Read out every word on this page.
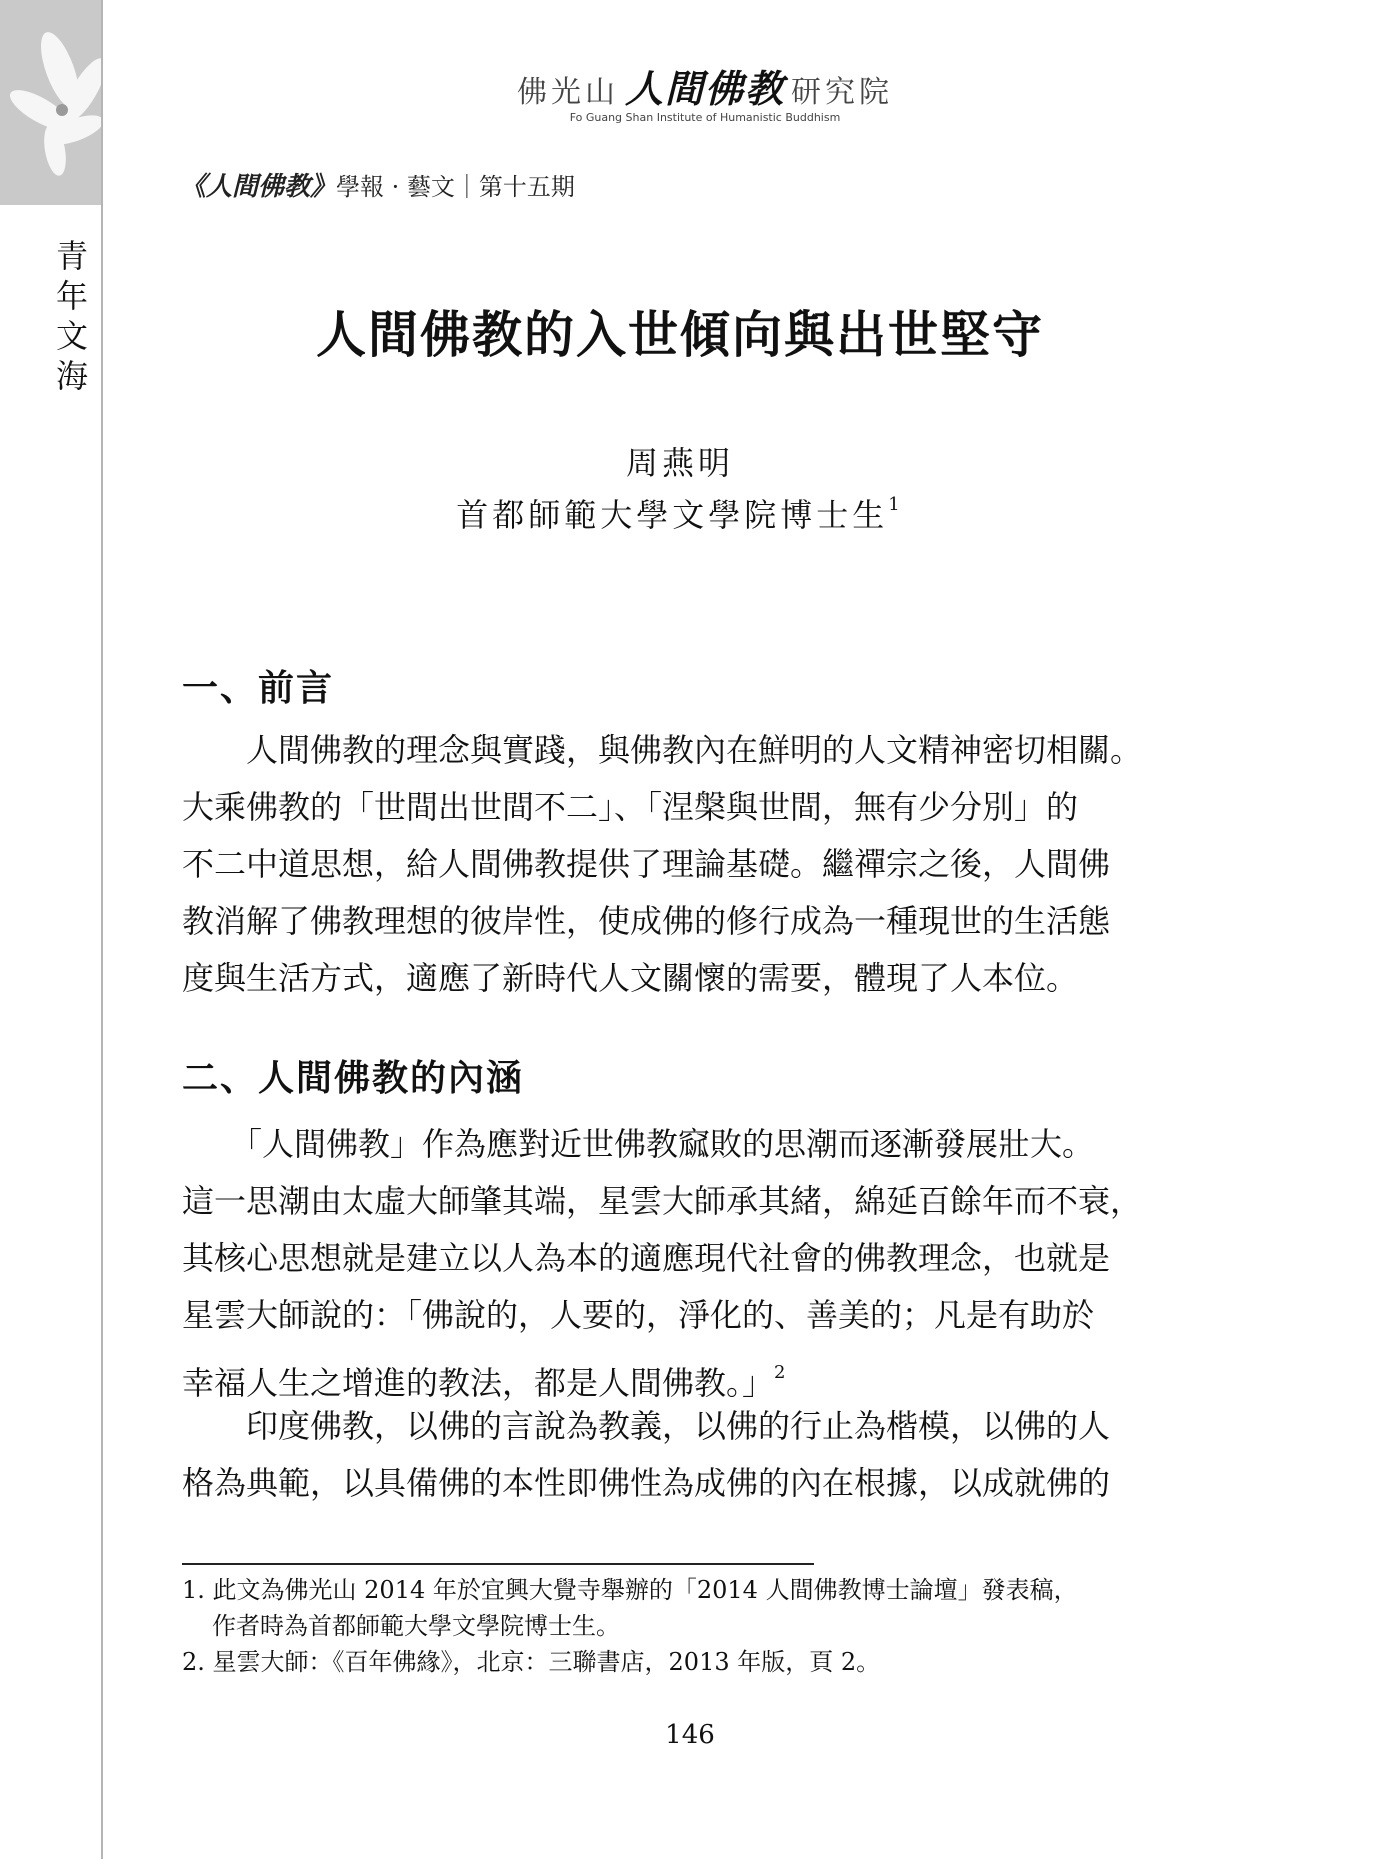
青
年
文
海
佛光山 人間佛教 研究院
Fo Guang Shan Institute of Humanistic Buddhism
《人間佛教》學報 · 藝文｜第十五期
人間佛教的入世傾向與出世堅守
周燕明
首都師範大學文學院博士生$^1$
一、前言
　　人間佛教的理念與實踐，與佛教內在鮮明的人文精神密切相關。
大乘佛教的「世間出世間不二」、「涅槃與世間，無有少分別」的
不二中道思想，給人間佛教提供了理論基礎。繼禪宗之後，人間佛
教消解了佛教理想的彼岸性，使成佛的修行成為一種現世的生活態
度與生活方式，適應了新時代人文關懷的需要，體現了人本位。
二、人間佛教的內涵
　　「人間佛教」作為應對近世佛教窳敗的思潮而逐漸發展壯大。
這一思潮由太虛大師肇其端，星雲大師承其緒，綿延百餘年而不衰，
其核心思想就是建立以人為本的適應現代社會的佛教理念，也就是
星雲大師說的：「佛說的，人要的，淨化的、善美的；凡是有助於
幸福人生之增進的教法，都是人間佛教。」$^2$
　　印度佛教，以佛的言說為教義，以佛的行止為楷模，以佛的人
格為典範，以具備佛的本性即佛性為成佛的內在根據，以成就佛的
1. 此文為佛光山 2014 年於宜興大覺寺舉辦的「2014 人間佛教博士論壇」發表稿，
作者時為首都師範大學文學院博士生。
2. 星雲大師：《百年佛緣》，北京：三聯書店，2013 年版，頁 2。
146
